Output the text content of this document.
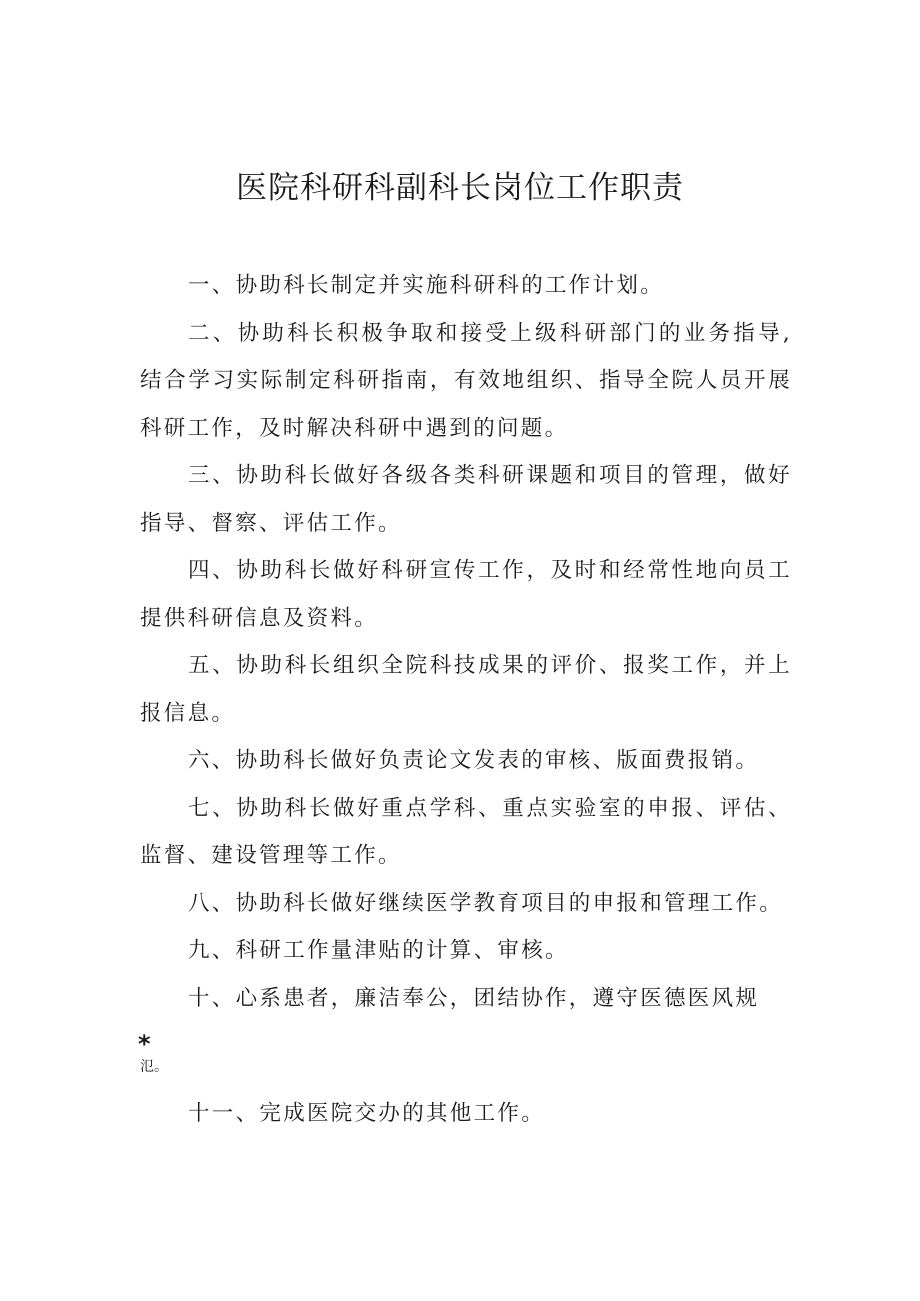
医院科研科副科长岗位工作职责

一、协助科长制定并实施科研科的工作计划。

二、协助科长积极争取和接受上级科研部门的业务指导,结合学习实际制定科研指南，有效地组织、指导全院人员开展科研工作，及时解决科研中遇到的问题。

三、协助科长做好各级各类科研课题和项目的管理，做好指导、督察、评估工作。

四、协助科长做好科研宣传工作，及时和经常性地向员工提供科研信息及资料。

五、协助科长组织全院科技成果的评价、报奖工作，并上报信息。

六、协助科长做好负责论文发表的审核、版面费报销。

七、协助科长做好重点学科、重点实验室的申报、评估、监督、建设管理等工作。

八、协助科长做好继续医学教育项目的申报和管理工作。

九、科研工作量津贴的计算、审核。

十、心系患者，廉洁奉公，团结协作，遵守医德医风规

*
氾。

十一、完成医院交办的其他工作。
